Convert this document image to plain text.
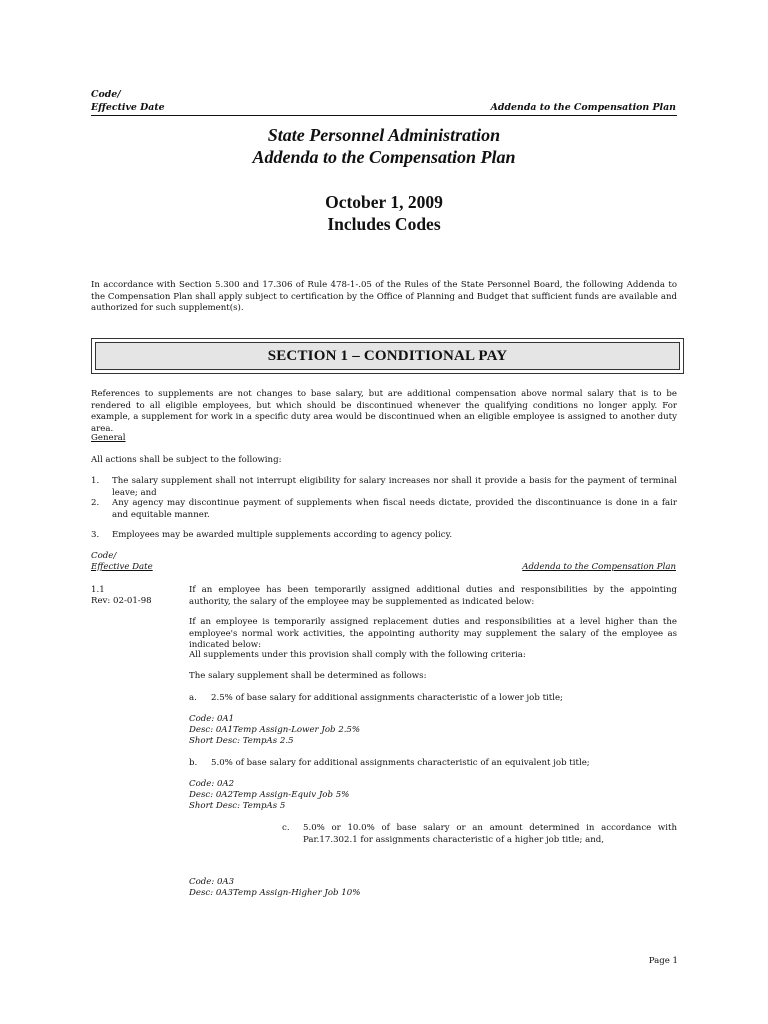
Code/
Effective Date	Addenda to the Compensation Plan
State Personnel Administration
Addenda to the Compensation Plan
October 1, 2009
Includes Codes
In accordance with Section 5.300 and 17.306 of Rule 478-1-.05 of the Rules of the State Personnel Board, the following Addenda to the Compensation Plan shall apply subject to certification by the Office of Planning and Budget that sufficient funds are available and authorized for such supplement(s).
SECTION 1 – CONDITIONAL PAY
References to supplements are not changes to base salary, but are additional compensation above normal salary that is to be rendered to all eligible employees, but which should be discontinued whenever the qualifying conditions no longer apply. For example, a supplement for work in a specific duty area would be discontinued when an eligible employee is assigned to another duty area.
General
All actions shall be subject to the following:
1. The salary supplement shall not interrupt eligibility for salary increases nor shall it provide a basis for the payment of terminal leave; and
2. Any agency may discontinue payment of supplements when fiscal needs dictate, provided the discontinuance is done in a fair and equitable manner.
3. Employees may be awarded multiple supplements according to agency policy.
Code/
Effective Date	Addenda to the Compensation Plan
1.1
Rev: 02-01-98
If an employee has been temporarily assigned additional duties and responsibilities by the appointing authority, the salary of the employee may be supplemented as indicated below:
If an employee is temporarily assigned replacement duties and responsibilities at a level higher than the employee's normal work activities, the appointing authority may supplement the salary of the employee as indicated below:
All supplements under this provision shall comply with the following criteria:
The salary supplement shall be determined as follows:
a. 2.5% of base salary for additional assignments characteristic of a lower job title;
Code: 0A1
Desc: 0A1Temp Assign-Lower Job 2.5%
Short Desc: TempAs 2.5
b. 5.0% of base salary for additional assignments characteristic of an equivalent job title;
Code: 0A2
Desc: 0A2Temp Assign-Equiv Job 5%
Short Desc: TempAs 5
c. 5.0% or 10.0% of base salary or an amount determined in accordance with Par.17.302.1 for assignments characteristic of a higher job title; and,
Code: 0A3
Desc: 0A3Temp Assign-Higher Job 10%
Page 1
